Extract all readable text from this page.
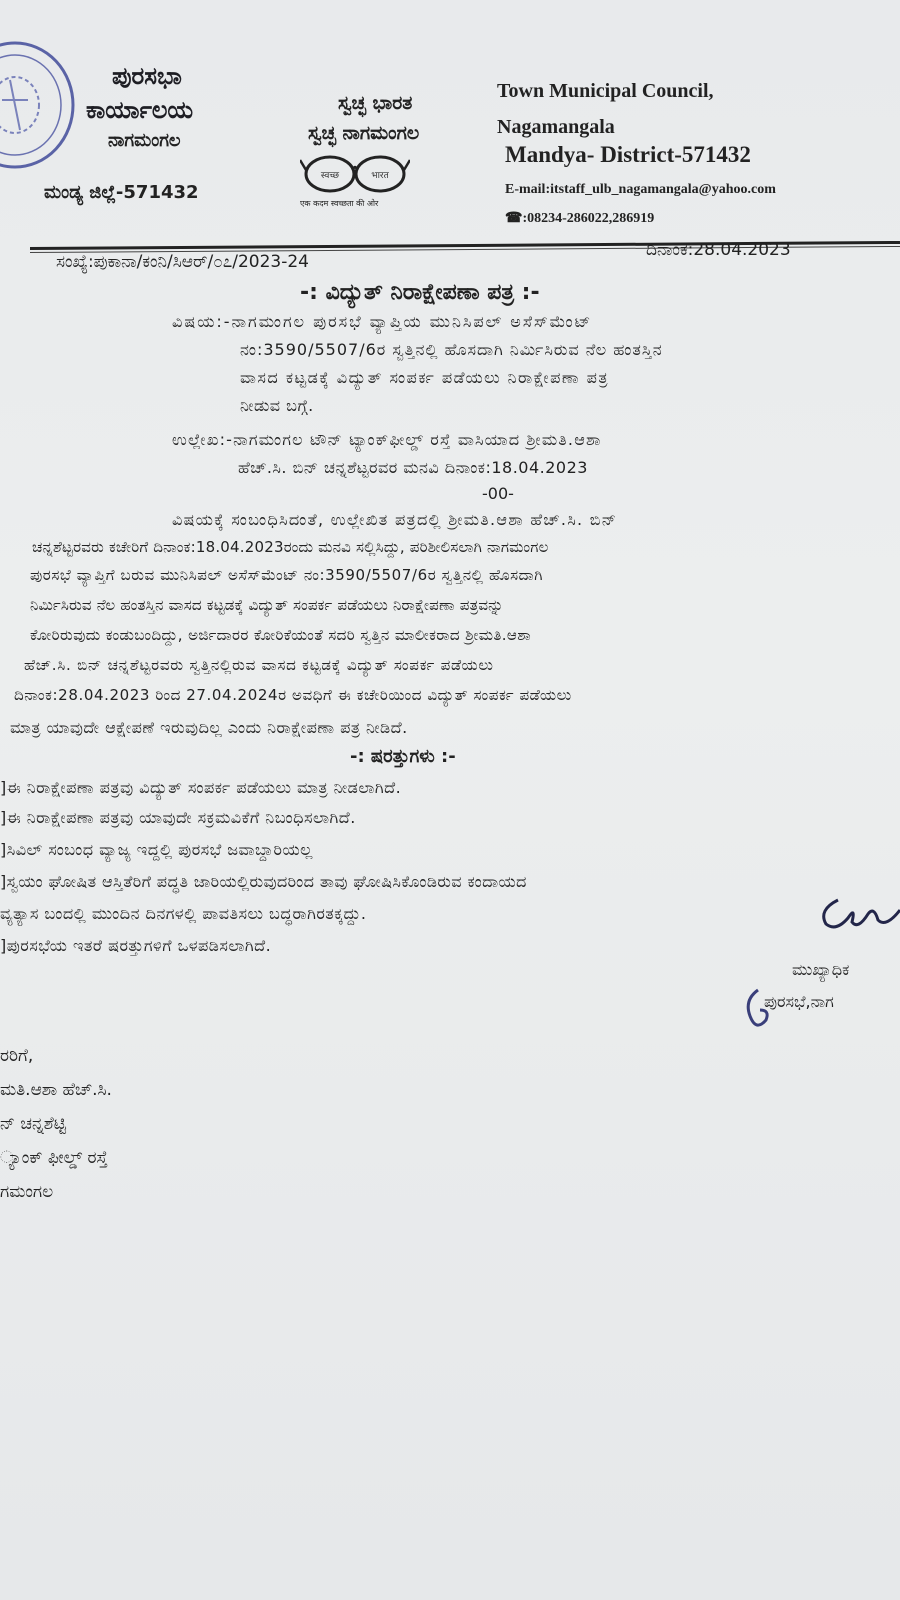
ಪುರಸಭಾ
ಕಾರ್ಯಾಲಯ
ನಾಗಮಂಗಲ
ಮಂಡ್ಯ ಜಿಲ್ಲೆ-571432
ಸ್ವಚ್ಛ ಭಾರತ
ಸ್ವಚ್ಛ ನಾಗಮಂಗಲ
स्वच्छ	भारत
एक कदम स्वच्छता की ओर
Town Municipal Council,
Nagamangala
Mandya- District-571432
E-mail:itstaff_ulb_nagamangala@yahoo.com
☎:08234-286022,286919
ಸಂಖ್ಯೆ:ಪುಕಾನಾ/ಕಂನಿ/ಸಿಆರ್/೦೭/2023-24
ದಿನಾಂಕ:28.04.2023
-: ವಿದ್ಯುತ್ ನಿರಾಕ್ಷೇಪಣಾ ಪತ್ರ :-
ವಿಷಯ:-ನಾಗಮಂಗಲ ಪುರಸಭೆ ವ್ಯಾಪ್ತಿಯ ಮುನಿಸಿಪಲ್ ಅಸೆಸ್‌ಮೆಂಟ್
ನಂ:3590/5507/6ರ ಸ್ವತ್ತಿನಲ್ಲಿ ಹೊಸದಾಗಿ ನಿರ್ಮಿಸಿರುವ ನೆಲ ಹಂತಸ್ತಿನ
ವಾಸದ ಕಟ್ಟಡಕ್ಕೆ ವಿದ್ಯುತ್ ಸಂಪರ್ಕ ಪಡೆಯಲು ನಿರಾಕ್ಷೇಪಣಾ ಪತ್ರ
ನೀಡುವ ಬಗ್ಗೆ.
ಉಲ್ಲೇಖ:-ನಾಗಮಂಗಲ ಟೌನ್ ಟ್ಯಾಂಕ್‌ಫೀಲ್ಡ್ ರಸ್ತೆ ವಾಸಿಯಾದ ಶ್ರೀಮತಿ.ಆಶಾ
ಹೆಚ್.ಸಿ. ಬಿನ್ ಚನ್ನಶೆಟ್ಟರವರ ಮನವಿ ದಿನಾಂಕ:18.04.2023
-00-
ವಿಷಯಕ್ಕೆ ಸಂಬಂಧಿಸಿದಂತೆ, ಉಲ್ಲೇಖಿತ ಪತ್ರದಲ್ಲಿ ಶ್ರೀಮತಿ.ಆಶಾ ಹೆಚ್.ಸಿ. ಬಿನ್
ಚನ್ನಶೆಟ್ಟರವರು ಕಚೇರಿಗೆ ದಿನಾಂಕ:18.04.2023ರಂದು ಮನವಿ ಸಲ್ಲಿಸಿದ್ದು, ಪರಿಶೀಲಿಸಲಾಗಿ ನಾಗಮಂಗಲ
ಪುರಸಭೆ ವ್ಯಾಪ್ತಿಗೆ ಬರುವ ಮುನಿಸಿಪಲ್ ಅಸೆಸ್‌ಮೆಂಟ್ ನಂ:3590/5507/6ರ ಸ್ವತ್ತಿನಲ್ಲಿ ಹೊಸದಾಗಿ
ನಿರ್ಮಿಸಿರುವ ನೆಲ ಹಂತಸ್ತಿನ ವಾಸದ ಕಟ್ಟಡಕ್ಕೆ ವಿದ್ಯುತ್ ಸಂಪರ್ಕ ಪಡೆಯಲು ನಿರಾಕ್ಷೇಪಣಾ ಪತ್ರವನ್ನು
ಕೋರಿರುವುದು ಕಂಡುಬಂದಿದ್ದು, ಅರ್ಜಿದಾರರ ಕೋರಿಕೆಯಂತೆ ಸದರಿ ಸ್ವತ್ತಿನ ಮಾಲೀಕರಾದ ಶ್ರೀಮತಿ.ಆಶಾ
ಹೆಚ್.ಸಿ. ಬಿನ್ ಚನ್ನಶೆಟ್ಟರವರು ಸ್ವತ್ತಿನಲ್ಲಿರುವ ವಾಸದ ಕಟ್ಟಡಕ್ಕೆ ವಿದ್ಯುತ್ ಸಂಪರ್ಕ ಪಡೆಯಲು
ದಿನಾಂಕ:28.04.2023 ರಿಂದ 27.04.2024ರ ಅವಧಿಗೆ ಈ ಕಚೇರಿಯಿಂದ ವಿದ್ಯುತ್ ಸಂಪರ್ಕ ಪಡೆಯಲು
ಮಾತ್ರ ಯಾವುದೇ ಆಕ್ಷೇಪಣೆ ಇರುವುದಿಲ್ಲ ಎಂದು ನಿರಾಕ್ಷೇಪಣಾ ಪತ್ರ ನೀಡಿದೆ.
-: ಷರತ್ತುಗಳು :-
]ಈ ನಿರಾಕ್ಷೇಪಣಾ ಪತ್ರವು ವಿದ್ಯುತ್ ಸಂಪರ್ಕ ಪಡೆಯಲು ಮಾತ್ರ ನೀಡಲಾಗಿದೆ.
]ಈ ನಿರಾಕ್ಷೇಪಣಾ ಪತ್ರವು ಯಾವುದೇ ಸಕ್ರಮವಿಕೆಗೆ ನಿಬಂಧಿಸಲಾಗಿದೆ.
]ಸಿವಿಲ್ ಸಂಬಂಧ ವ್ಯಾಜ್ಯ ಇದ್ದಲ್ಲಿ ಪುರಸಭೆ ಜವಾಬ್ದಾರಿಯಲ್ಲ
]ಸ್ವಯಂ ಘೋಷಿತ ಆಸ್ತಿತೆರಿಗೆ ಪದ್ಧತಿ ಜಾರಿಯಲ್ಲಿರುವುದರಿಂದ ತಾವು ಘೋಷಿಸಿಕೊಂಡಿರುವ ಕಂದಾಯದ
ವ್ಯತ್ಯಾಸ ಬಂದಲ್ಲಿ ಮುಂದಿನ ದಿನಗಳಲ್ಲಿ ಪಾವತಿಸಲು ಬದ್ಧರಾಗಿರತಕ್ಕದ್ದು.
]ಪುರಸಭೆಯ ಇತರೆ ಷರತ್ತುಗಳಿಗೆ ಒಳಪಡಿಸಲಾಗಿದೆ.
ಮುಖ್ಯಾಧಿಕ
ಪುರಸಭೆ,ನಾಗ
ರರಿಗೆ,
ಮತಿ.ಆಶಾ ಹೆಚ್.ಸಿ.
ನ್ ಚನ್ನಶೆಟ್ಟಿ
್ಯಾಂಕ್ ಫೀಲ್ಡ್ ರಸ್ತೆ
ಗಮಂಗಲ
